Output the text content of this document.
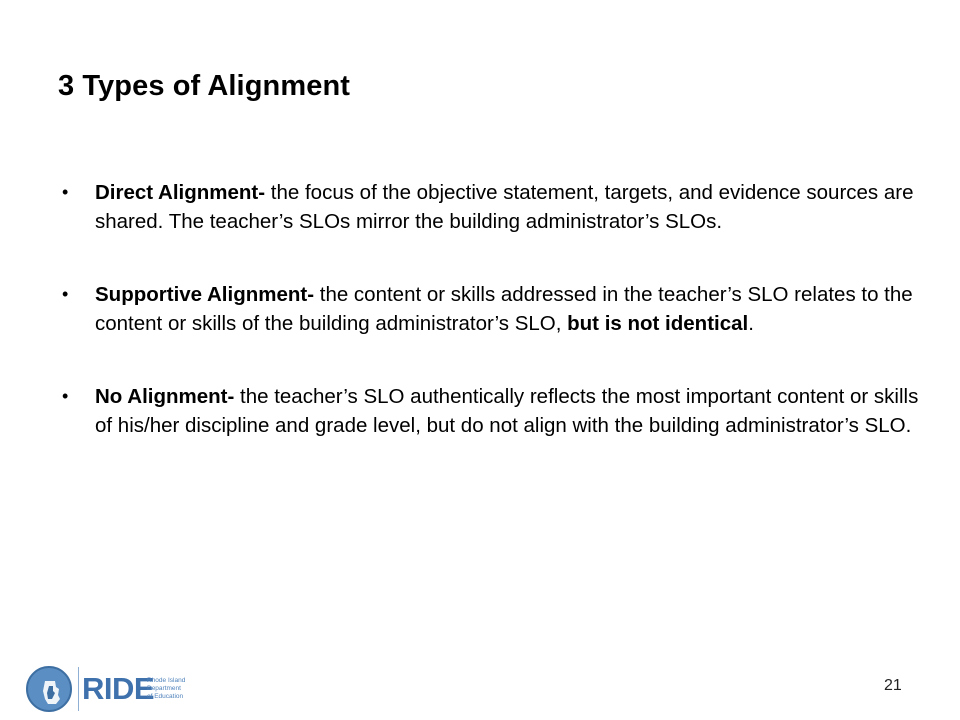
3 Types of Alignment
• Direct Alignment- the focus of the objective statement, targets, and evidence sources are shared. The teacher’s SLOs mirror the building administrator’s SLOs.
• Supportive Alignment- the content or skills addressed in the teacher’s SLO relates to the content or skills of the building administrator’s SLO, but is not identical.
• No Alignment- the teacher’s SLO authentically reflects the most important content or skills of his/her discipline and grade level, but do not align with the building administrator’s SLO.
RIDE
Rhode Island
Department
of Education
21
